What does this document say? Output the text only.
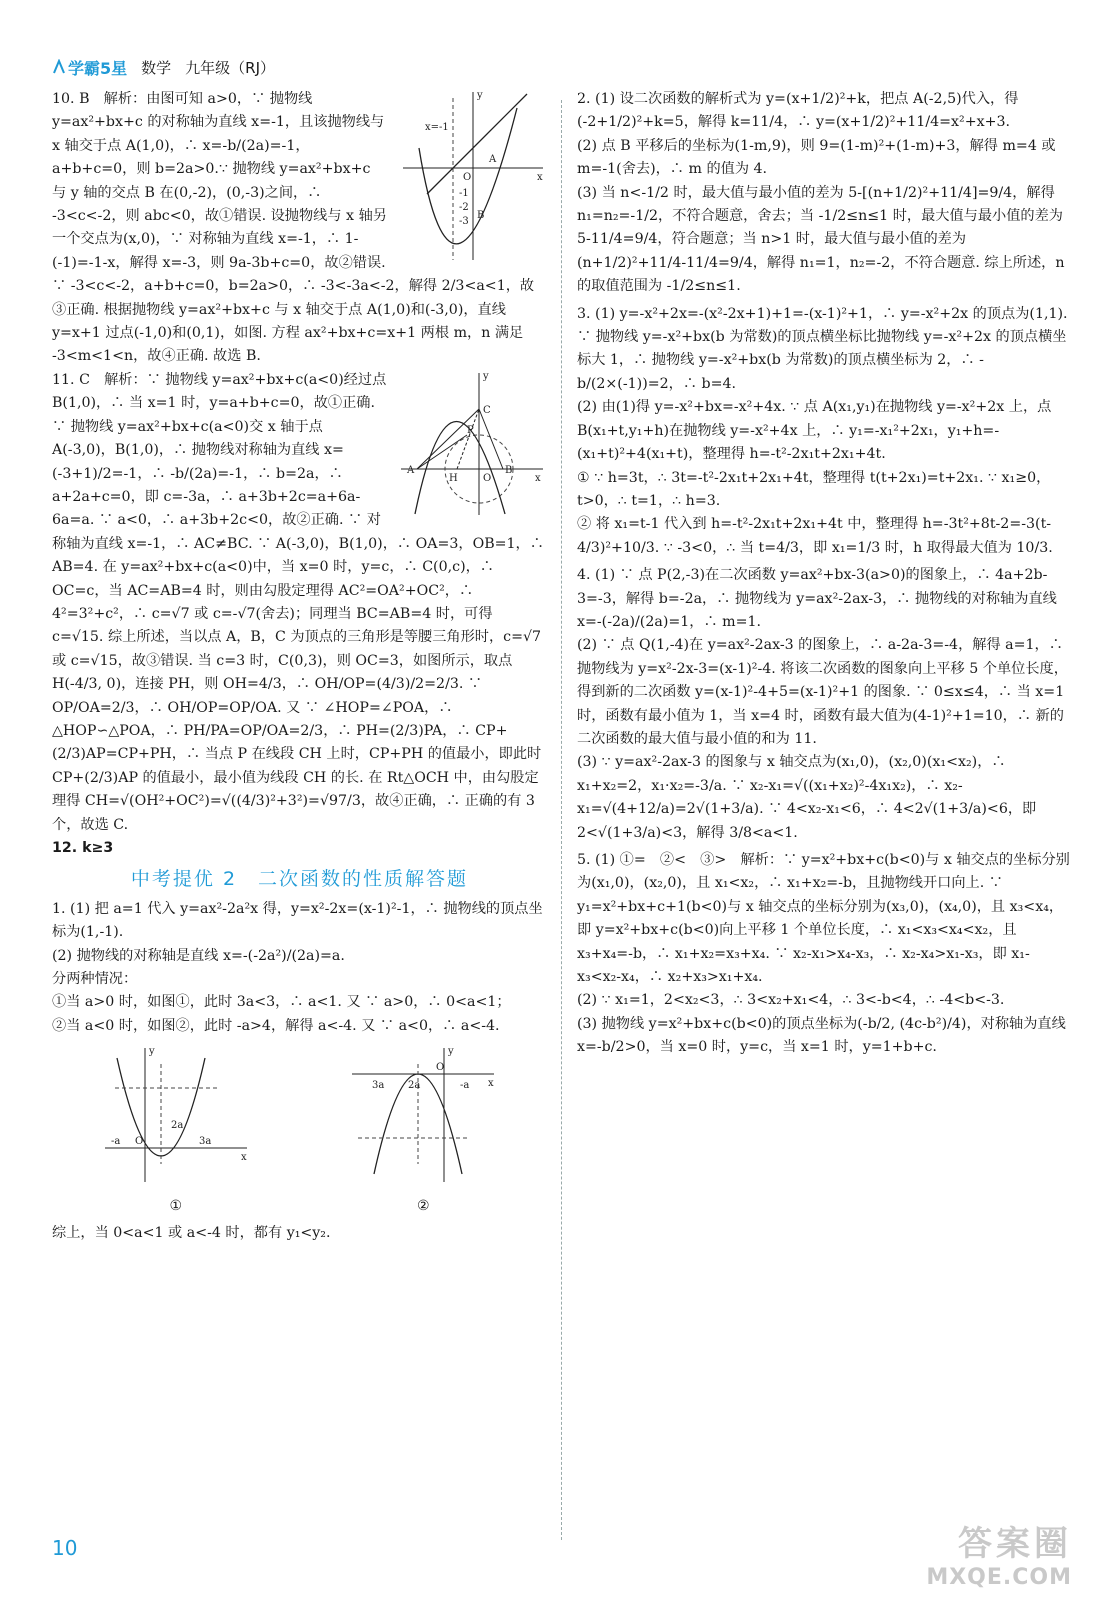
学霸5星 数学 九年级（RJ）
x=-1
y
x
O
A
-1
-2
-3
B

10. B　解析：由图可知 a>0，∵ 抛物线 y=ax²+bx+c 的对称轴为直线 x=-1，且该抛物线与 x 轴交于点 A(1,0)，∴ x=-b/(2a)=-1，a+b+c=0，则 b=2a>0.∵ 抛物线 y=ax²+bx+c 与 y 轴的交点 B 在(0,-2)，(0,-3)之间，∴ -3<c<-2，则 abc<0，故①错误. 设抛物线与 x 轴另一个交点为(x,0)，∵ 对称轴为直线 x=-1，∴ 1-(-1)=-1-x，解得 x=-3，则 9a-3b+c=0，故②错误. ∵ -3<c<-2，a+b+c=0，b=2a>0，∴ -3<-3a<-2，解得 2/3<a<1，故③正确. 根据抛物线 y=ax²+bx+c 与 x 轴交于点 A(1,0)和(-3,0)，直线 y=x+1 过点(-1,0)和(0,1)，如图. 方程 ax²+bx+c=x+1 两根 m，n 满足 -3<m<1<n，故④正确. 故选 B.

A	B
C
P
H	O
y
x

11. C　解析：∵ 抛物线 y=ax²+bx+c(a<0)经过点 B(1,0)，∴ 当 x=1 时，y=a+b+c=0，故①正确. ∵ 抛物线 y=ax²+bx+c(a<0)交 x 轴于点 A(-3,0)，B(1,0)，∴ 抛物线对称轴为直线 x=(-3+1)/2=-1，∴ -b/(2a)=-1，∴ b=2a，∴ a+2a+c=0，即 c=-3a，∴ a+3b+2c=a+6a-6a=a. ∵ a<0，∴ a+3b+2c<0，故②正确. ∵ 对称轴为直线 x=-1，∴ AC≠BC. ∵ A(-3,0)，B(1,0)，∴ OA=3，OB=1，∴ AB=4. 在 y=ax²+bx+c(a<0)中，当 x=0 时，y=c，∴ C(0,c)，∴ OC=c，当 AC=AB=4 时，则由勾股定理得 AC²=OA²+OC²，∴ 4²=3²+c²，∴ c=√7 或 c=-√7(舍去)；同理当 BC=AB=4 时，可得 c=√15. 综上所述，当以点 A，B，C 为顶点的三角形是等腰三角形时，c=√7 或 c=√15，故③错误. 当 c=3 时，C(0,3)，则 OC=3，如图所示，取点 H(-4/3, 0)，连接 PH，则 OH=4/3，∴ OH/OP=(4/3)/2=2/3. ∵ OP/OA=2/3，∴ OH/OP=OP/OA. 又 ∵ ∠HOP=∠POA，∴ △HOP∽△POA，∴ PH/PA=OP/OA=2/3，∴ PH=(2/3)PA，∴ CP+(2/3)AP=CP+PH，∴ 当点 P 在线段 CH 上时，CP+PH 的值最小，即此时 CP+(2/3)AP 的值最小，最小值为线段 CH 的长. 在 Rt△OCH 中，由勾股定理得 CH=√(OH²+OC²)=√((4/3)²+3²)=√97/3，故④正确，∴ 正确的有 3 个，故选 C.

12. k≥3

中考提优 2　二次函数的性质解答题

1. (1) 把 a=1 代入 y=ax²-2a²x 得，y=x²-2x=(x-1)²-1，∴ 抛物线的顶点坐标为(1,-1).

(2) 抛物线的对称轴是直线 x=-(-2a²)/(2a)=a.

分两种情况：

①当 a>0 时，如图①，此时 3a<3，∴ a<1. 又 ∵ a>0，∴ 0<a<1；

②当 a<0 时，如图②，此时 -a>4，解得 a<-4. 又 ∵ a<0，∴ a<-4.

y
x
-a O
2a
3a
①
y
x
3a 2a
O
-a
②

综上，当 0<a<1 或 a<-4 时，都有 y₁<y₂.

2. (1) 设二次函数的解析式为 y=(x+1/2)²+k，把点 A(-2,5)代入，得 (-2+1/2)²+k=5，解得 k=11/4，∴ y=(x+1/2)²+11/4=x²+x+3.

(2) 点 B 平移后的坐标为(1-m,9)，则 9=(1-m)²+(1-m)+3，解得 m=4 或 m=-1(舍去)，∴ m 的值为 4.

(3) 当 n<-1/2 时，最大值与最小值的差为 5-[(n+1/2)²+11/4]=9/4，解得 n₁=n₂=-1/2，不符合题意，舍去；当 -1/2≤n≤1 时，最大值与最小值的差为 5-11/4=9/4，符合题意；当 n>1 时，最大值与最小值的差为 (n+1/2)²+11/4-11/4=9/4，解得 n₁=1，n₂=-2，不符合题意. 综上所述，n 的取值范围为 -1/2≤n≤1.

3. (1) y=-x²+2x=-(x²-2x+1)+1=-(x-1)²+1，∴ y=-x²+2x 的顶点为(1,1). ∵ 抛物线 y=-x²+bx(b 为常数)的顶点横坐标比抛物线 y=-x²+2x 的顶点横坐标大 1，∴ 抛物线 y=-x²+bx(b 为常数)的顶点横坐标为 2，∴ -b/(2×(-1))=2，∴ b=4.

(2) 由(1)得 y=-x²+bx=-x²+4x. ∵ 点 A(x₁,y₁)在抛物线 y=-x²+2x 上，点 B(x₁+t,y₁+h)在抛物线 y=-x²+4x 上，∴ y₁=-x₁²+2x₁，y₁+h=-(x₁+t)²+4(x₁+t)，整理得 h=-t²-2x₁t+2x₁+4t.

① ∵ h=3t，∴ 3t=-t²-2x₁t+2x₁+4t，整理得 t(t+2x₁)=t+2x₁. ∵ x₁≥0，t>0，∴ t=1，∴ h=3.

② 将 x₁=t-1 代入到 h=-t²-2x₁t+2x₁+4t 中，整理得 h=-3t²+8t-2=-3(t-4/3)²+10/3. ∵ -3<0，∴ 当 t=4/3，即 x₁=1/3 时，h 取得最大值为 10/3.

4. (1) ∵ 点 P(2,-3)在二次函数 y=ax²+bx-3(a>0)的图象上，∴ 4a+2b-3=-3，解得 b=-2a，∴ 抛物线为 y=ax²-2ax-3，∴ 抛物线的对称轴为直线 x=-(-2a)/(2a)=1，∴ m=1.

(2) ∵ 点 Q(1,-4)在 y=ax²-2ax-3 的图象上，∴ a-2a-3=-4，解得 a=1，∴ 抛物线为 y=x²-2x-3=(x-1)²-4. 将该二次函数的图象向上平移 5 个单位长度，得到新的二次函数 y=(x-1)²-4+5=(x-1)²+1 的图象. ∵ 0≤x≤4，∴ 当 x=1 时，函数有最小值为 1，当 x=4 时，函数有最大值为(4-1)²+1=10，∴ 新的二次函数的最大值与最小值的和为 11.

(3) ∵ y=ax²-2ax-3 的图象与 x 轴交点为(x₁,0)，(x₂,0)(x₁<x₂)，∴ x₁+x₂=2，x₁·x₂=-3/a. ∵ x₂-x₁=√((x₁+x₂)²-4x₁x₂)，∴ x₂-x₁=√(4+12/a)=2√(1+3/a). ∵ 4<x₂-x₁<6，∴ 4<2√(1+3/a)<6，即 2<√(1+3/a)<3，解得 3/8<a<1.

5. (1) ①=　②<　③>　解析：∵ y=x²+bx+c(b<0)与 x 轴交点的坐标分别为(x₁,0)，(x₂,0)，且 x₁<x₂，∴ x₁+x₂=-b，且抛物线开口向上. ∵ y₁=x²+bx+c+1(b<0)与 x 轴交点的坐标分别为(x₃,0)，(x₄,0)，且 x₃<x₄，即 y=x²+bx+c(b<0)向上平移 1 个单位长度，∴ x₁<x₃<x₄<x₂，且 x₃+x₄=-b，∴ x₁+x₂=x₃+x₄. ∵ x₂-x₁>x₄-x₃，∴ x₂-x₄>x₁-x₃，即 x₁-x₃<x₂-x₄，∴ x₂+x₃>x₁+x₄.

(2) ∵ x₁=1，2<x₂<3，∴ 3<x₂+x₁<4，∴ 3<-b<4，∴ -4<b<-3.

(3) 抛物线 y=x²+bx+c(b<0)的顶点坐标为(-b/2, (4c-b²)/4)，对称轴为直线 x=-b/2>0，当 x=0 时，y=c，当 x=1 时，y=1+b+c.

10	答案圈
MXQE.COM
